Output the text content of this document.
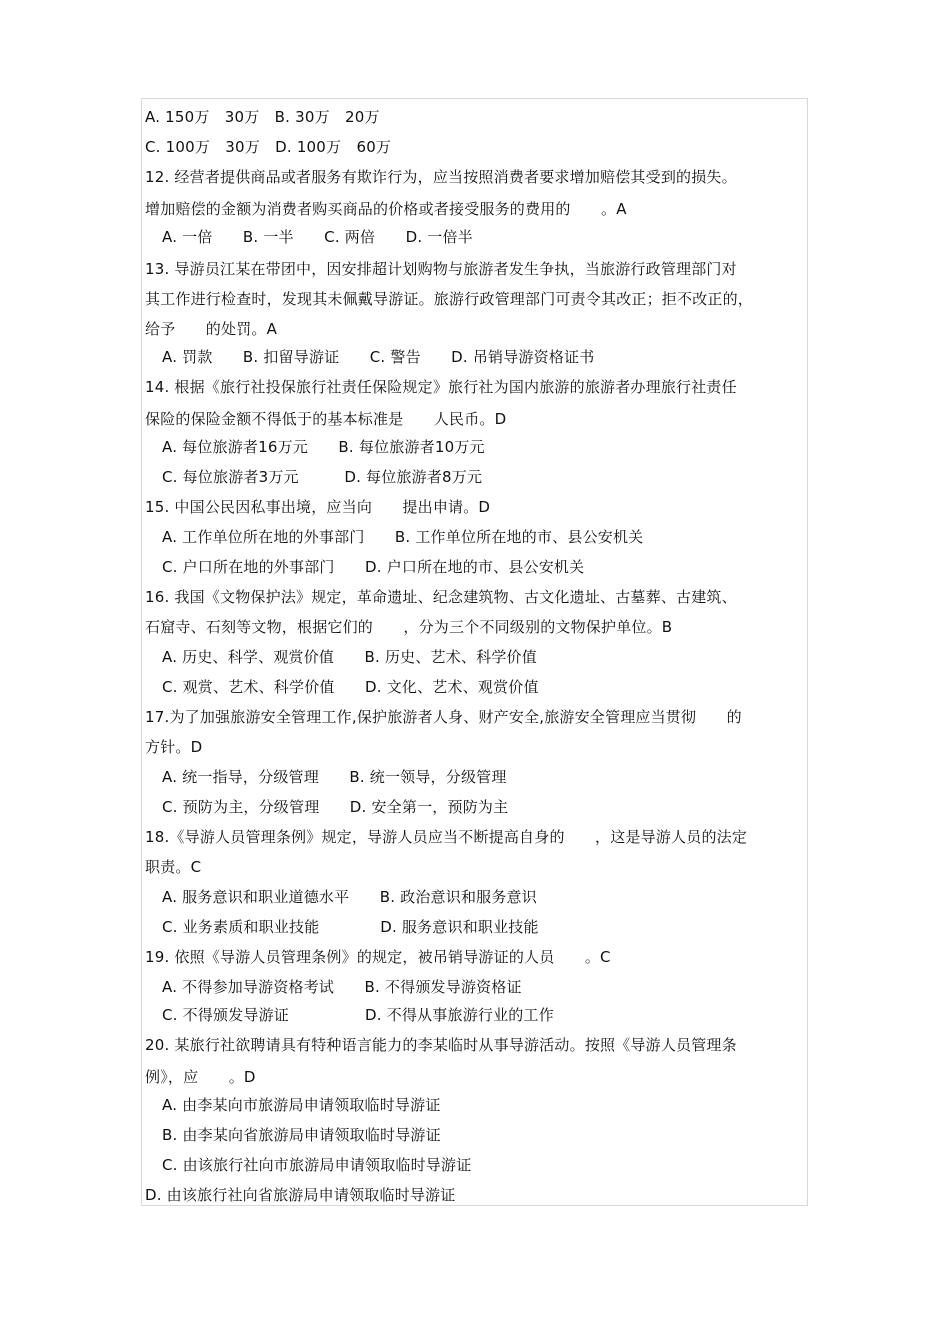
A. 150万　30万　B. 30万　20万
C. 100万　30万　D. 100万　60万
12. 经营者提供商品或者服务有欺诈行为，应当按照消费者要求增加赔偿其受到的损失。
增加赔偿的金额为消费者购买商品的价格或者接受服务的费用的　　。A
A. 一倍　　B. 一半　　C. 两倍　　D. 一倍半
13. 导游员江某在带团中，因安排超计划购物与旅游者发生争执，当旅游行政管理部门对
其工作进行检查时，发现其未佩戴导游证。旅游行政管理部门可责令其改正；拒不改正的，
给予　　的处罚。A
A. 罚款　　B. 扣留导游证　　C. 警告　　D. 吊销导游资格证书
14. 根据《旅行社投保旅行社责任保险规定》旅行社为国内旅游的旅游者办理旅行社责任
保险的保险金额不得低于的基本标准是　　人民币。D
A. 每位旅游者16万元　　B. 每位旅游者10万元
C. 每位旅游者3万元　　　D. 每位旅游者8万元
15. 中国公民因私事出境，应当向　　提出申请。D
A. 工作单位所在地的外事部门　　B. 工作单位所在地的市、县公安机关
C. 户口所在地的外事部门　　D. 户口所在地的市、县公安机关
16. 我国《文物保护法》规定，革命遗址、纪念建筑物、古文化遗址、古墓葬、古建筑、
石窟寺、石刻等文物，根据它们的　　，分为三个不同级别的文物保护单位。B
A. 历史、科学、观赏价值　　B. 历史、艺术、科学价值
C. 观赏、艺术、科学价值　　D. 文化、艺术、观赏价值
17.为了加强旅游安全管理工作,保护旅游者人身、财产安全,旅游安全管理应当贯彻　　的
方针。D
A. 统一指导，分级管理　　B. 统一领导，分级管理
C. 预防为主，分级管理　　D. 安全第一，预防为主
18.《导游人员管理条例》规定，导游人员应当不断提高自身的　　，这是导游人员的法定
职责。C
A. 服务意识和职业道德水平　　B. 政治意识和服务意识
C. 业务素质和职业技能　　　　D. 服务意识和职业技能
19. 依照《导游人员管理条例》的规定，被吊销导游证的人员　　。C
A. 不得参加导游资格考试　　B. 不得颁发导游资格证
C. 不得颁发导游证　　　　　D. 不得从事旅游行业的工作
20. 某旅行社欲聘请具有特种语言能力的李某临时从事导游活动。按照《导游人员管理条
例》，应　　。D
A. 由李某向市旅游局申请领取临时导游证
B. 由李某向省旅游局申请领取临时导游证
C. 由该旅行社向市旅游局申请领取临时导游证
D. 由该旅行社向省旅游局申请领取临时导游证
